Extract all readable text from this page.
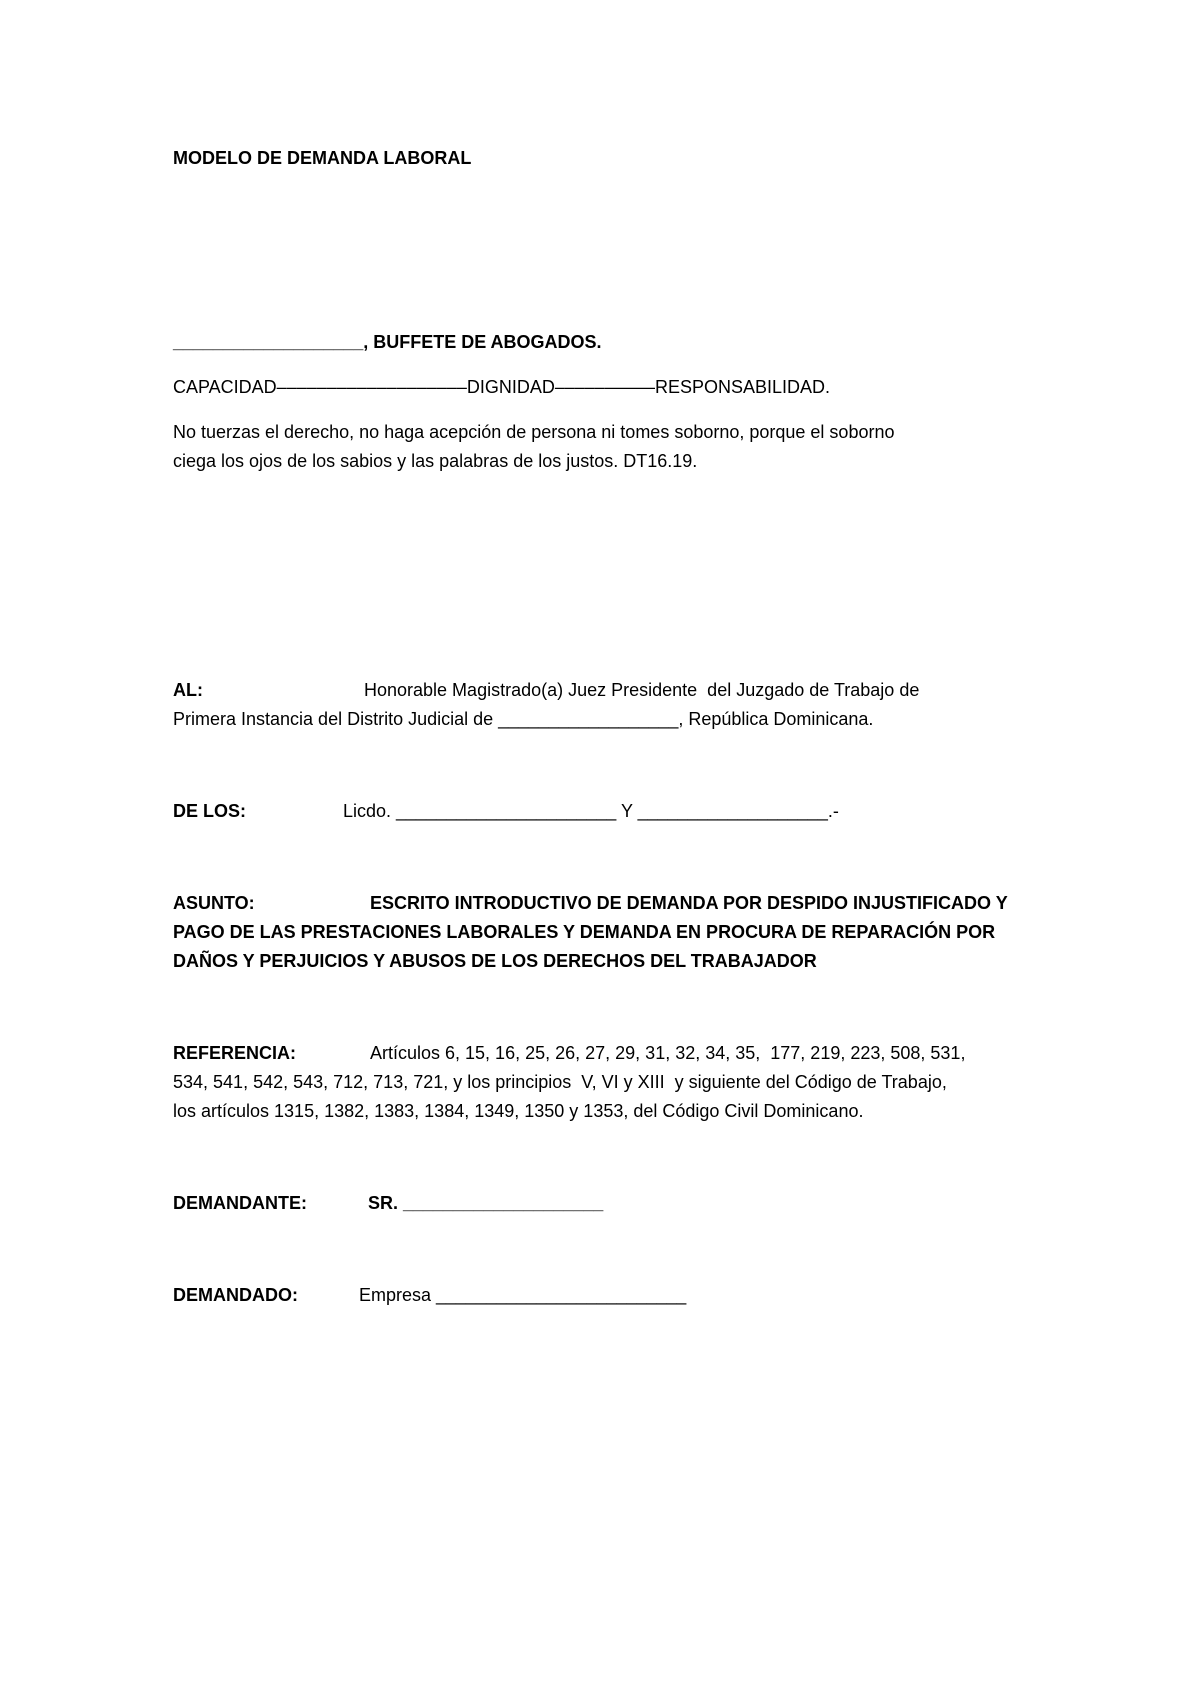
MODELO DE DEMANDA LABORAL
___________________, BUFFETE DE ABOGADOS.
CAPACIDAD–––––––––––––––––––DIGNIDAD––––––––––RESPONSABILIDAD.
No tuerzas el derecho, no haga acepción de persona ni tomes soborno, porque el soborno
ciega los ojos de los sabios y las palabras de los justos. DT16.19.
AL:	Honorable Magistrado(a) Juez Presidente  del Juzgado de Trabajo de
Primera Instancia del Distrito Judicial de __________________, República Dominicana.
DE LOS:	Licdo. ______________________ Y ___________________.-
ASUNTO:	ESCRITO INTRODUCTIVO DE DEMANDA POR DESPIDO INJUSTIFICADO Y
PAGO DE LAS PRESTACIONES LABORALES Y DEMANDA EN PROCURA DE REPARACIÓN POR
DAÑOS Y PERJUICIOS Y ABUSOS DE LOS DERECHOS DEL TRABAJADOR
REFERENCIA:	Artículos 6, 15, 16, 25, 26, 27, 29, 31, 32, 34, 35,  177, 219, 223, 508, 531,
534, 541, 542, 543, 712, 713, 721, y los principios  V, VI y XIII  y siguiente del Código de Trabajo,
los artículos 1315, 1382, 1383, 1384, 1349, 1350 y 1353, del Código Civil Dominicano.
DEMANDANTE:	SR. ____________________
DEMANDADO:	Empresa _________________________
